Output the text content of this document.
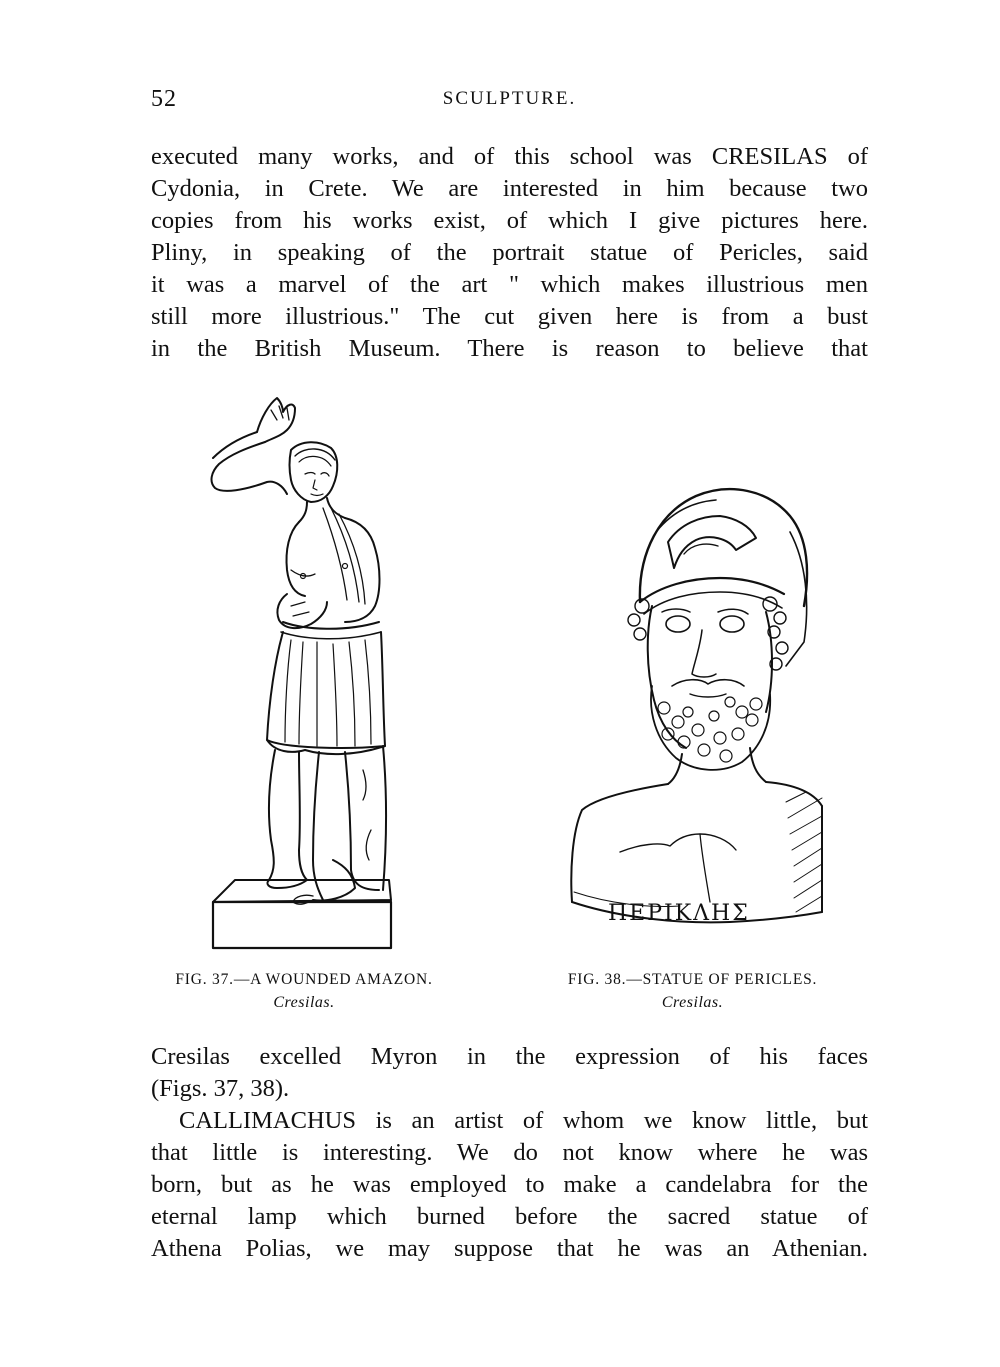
52	SCULPTURE.
executed many works, and of this school was CRESILAS of
Cydonia, in Crete. We are interested in him because two
copies from his works exist, of which I give pictures here.
Pliny, in speaking of the portrait statue of Pericles, said
it was a marvel of the art " which makes illustrious men
still more illustrious." The cut given here is from a bust
in the British Museum. There is reason to believe that
ΠΕΡΙΚΛΗΣ
FIG. 37.—A WOUNDED AMAZON.
Cresilas.
FIG. 38.—STATUE OF PERICLES.
Cresilas.
Cresilas excelled Myron in the expression of his faces
(Figs. 37, 38).
CALLIMACHUS is an artist of whom we know little, but
that little is interesting. We do not know where he was
born, but as he was employed to make a candelabra for the
eternal lamp which burned before the sacred statue of
Athena Polias, we may suppose that he was an Athenian.
